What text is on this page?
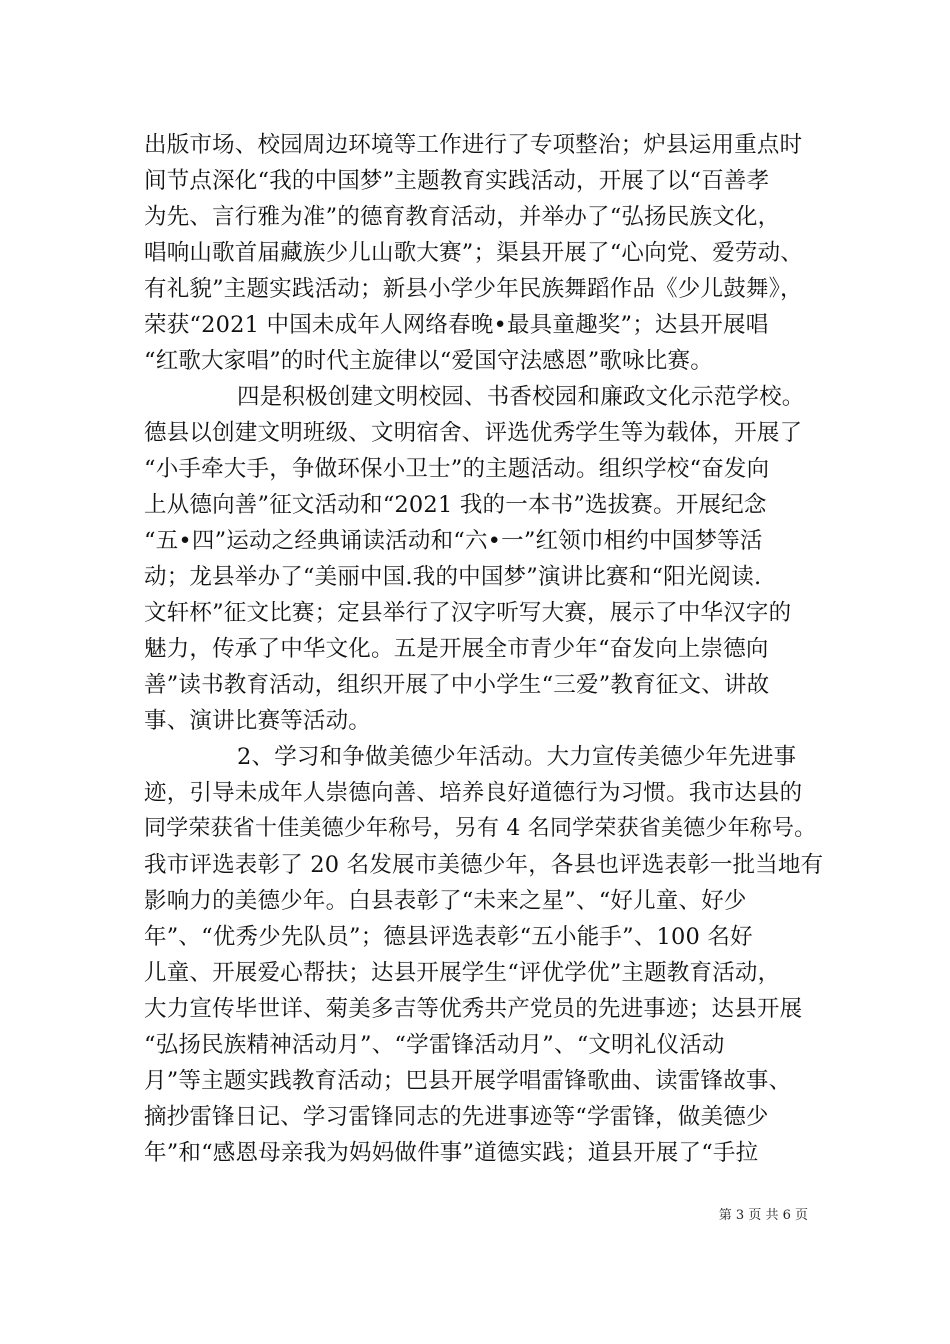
出版市场、校园周边环境等工作进行了专项整治；炉县运用重点时
间节点深化“我的中国梦”主题教育实践活动，开展了以“百善孝
为先、言行雅为准”的德育教育活动，并举办了“弘扬民族文化，
唱响山歌首届藏族少儿山歌大赛”；渠县开展了“心向党、爱劳动、
有礼貌”主题实践活动；新县小学少年民族舞蹈作品《少儿鼓舞》，
荣获“2021 中国未成年人网络春晚•最具童趣奖”；达县开展唱
“红歌大家唱”的时代主旋律以“爱国守法感恩”歌咏比赛。
四是积极创建文明校园、书香校园和廉政文化示范学校。
德县以创建文明班级、文明宿舍、评选优秀学生等为载体，开展了
“小手牵大手，争做环保小卫士”的主题活动。组织学校“奋发向
上从德向善”征文活动和“2021 我的一本书”选拔赛。开展纪念
“五•四”运动之经典诵读活动和“六•一”红领巾相约中国梦等活
动；龙县举办了“美丽中国.我的中国梦”演讲比赛和“阳光阅读.
文轩杯”征文比赛；定县举行了汉字听写大赛，展示了中华汉字的
魅力，传承了中华文化。五是开展全市青少年“奋发向上崇德向
善”读书教育活动，组织开展了中小学生“三爱”教育征文、讲故
事、演讲比赛等活动。
2、学习和争做美德少年活动。大力宣传美德少年先进事
迹，引导未成年人崇德向善、培养良好道德行为习惯。我市达县的
同学荣获省十佳美德少年称号，另有 4 名同学荣获省美德少年称号。
我市评选表彰了 20 名发展市美德少年，各县也评选表彰一批当地有
影响力的美德少年。白县表彰了“未来之星”、“好儿童、好少
年”、“优秀少先队员”；德县评选表彰“五小能手”、100 名好
儿童、开展爱心帮扶；达县开展学生“评优学优”主题教育活动，
大力宣传毕世详、菊美多吉等优秀共产党员的先进事迹；达县开展
“弘扬民族精神活动月”、“学雷锋活动月”、“文明礼仪活动
月”等主题实践教育活动；巴县开展学唱雷锋歌曲、读雷锋故事、
摘抄雷锋日记、学习雷锋同志的先进事迹等“学雷锋，做美德少
年”和“感恩母亲我为妈妈做件事”道德实践；道县开展了“手拉
第 3 页 共 6 页
